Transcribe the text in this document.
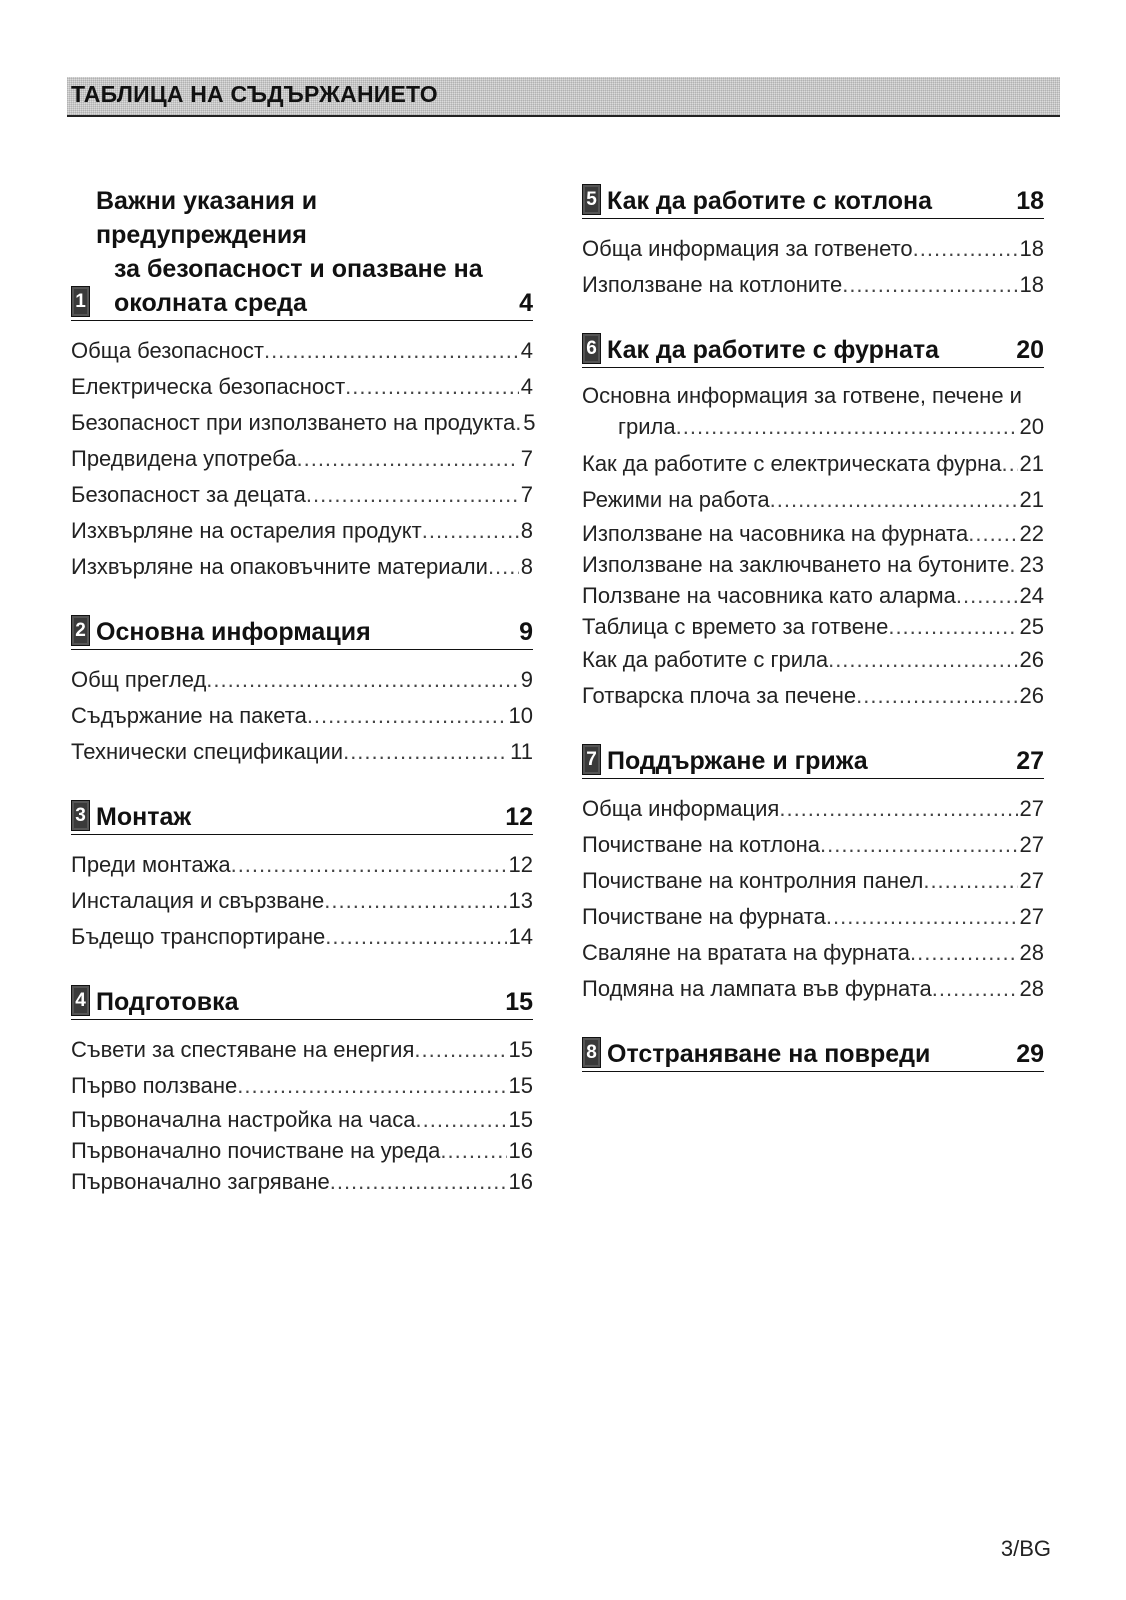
ТАБЛИЦА НА СЪДЪРЖАНИЕТО
1
Важни указания и предупреждения
за безопасност и опазване на
околната среда	4
Обща безопасност .....	4
Електрическа безопасност .....	4
Безопасност при използването на продукта ..... 5
Предвидена употреба .....	7
Безопасност за децата .....	7
Изхвърляне на остарелия продукт .....	8
Изхвърляне на опаковъчните материали ..... 8
2 Основна информация	9
Общ преглед .....	9
Съдържание на пакета .....	10
Технически спецификации .....	11
3 Монтаж	12
Преди монтажа .....	12
Инсталация и свързване .....	13
Бъдещо транспортиране .....	14
4 Подготовка	15
Съвети за спестяване на енергия .....	15
Първо ползване .....	15
Първоначална настройка на часа .....	15
Първоначално почистване на уреда .....	16
Първоначално загряване .....	16
5 Как да работите с котлона	18
Обща информация за готвенето .....	18
Използване на котлоните .....	18
6 Как да работите с фурната	20
Основна информация за готвене, печене и
грила .....	20
Как да работите с електрическата фурна ..... 21
Режими на работа .....	21
Използване на часовника на фурната ..... 22
Използване на заключването на бутоните ..... 23
Ползване на часовника като аларма .....	24
Таблица с времето за готвене .....	25
Как да работите с грила .....	26
Готварска плоча за печене .....	26
7 Поддържане и грижа	27
Обща информация .....	27
Почистване на котлона .....	27
Почистване на контролния панел .....	27
Почистване на фурната .....	27
Сваляне на вратата на фурната .....	28
Подмяна на лампата във фурната .....	28
8 Отстраняване на повреди	29
3/BG
